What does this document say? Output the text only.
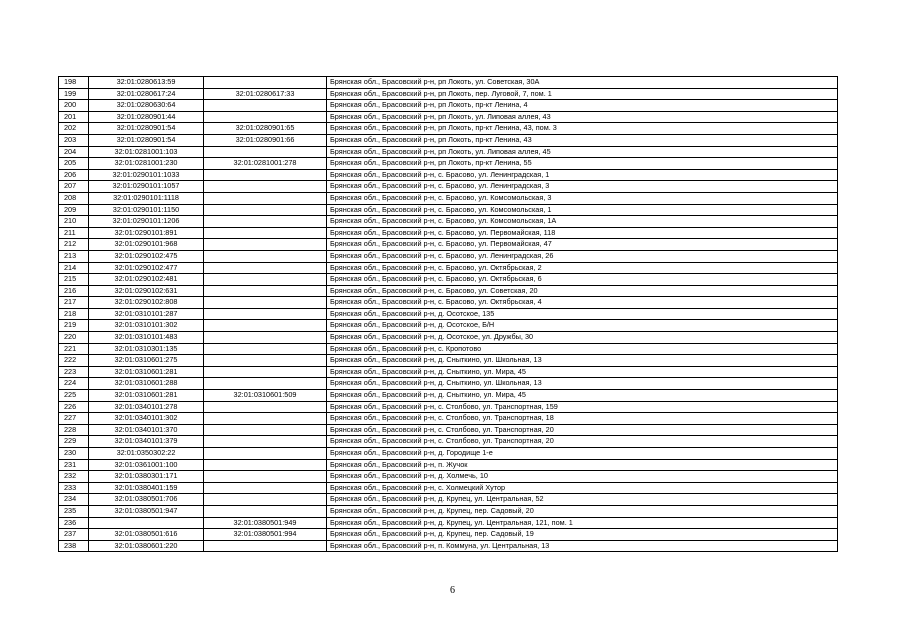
198	32:01:0280613:59		Брянская обл., Брасовский р-н, рп Локоть, ул. Советская, 30А
199	32:01:0280617:24	32:01:0280617:33	Брянская обл., Брасовский р-н, рп Локоть, пер. Луговой, 7, пом. 1
200	32:01:0280630:64		Брянская обл., Брасовский р-н, рп Локоть, пр-кт Ленина, 4
201	32:01:0280901:44		Брянская обл., Брасовский р-н, рп Локоть, ул. Липовая аллея, 43
202	32:01:0280901:54	32:01:0280901:65	Брянская обл., Брасовский р-н, рп Локоть, пр-кт Ленина, 43, пом. 3
203	32:01:0280901:54	32:01:0280901:66	Брянская обл., Брасовский р-н, рп Локоть, пр-кт Ленина, 43
204	32:01:0281001:103		Брянская обл., Брасовский р-н, рп Локоть, ул. Липовая аллея, 45
205	32:01:0281001:230	32:01:0281001:278	Брянская обл., Брасовский р-н, рп Локоть, пр-кт Ленина, 55
206	32:01:0290101:1033		Брянская обл., Брасовский р-н, с. Брасово, ул. Ленинградская, 1
207	32:01:0290101:1057		Брянская обл., Брасовский р-н, с. Брасово, ул. Ленинградская, 3
208	32:01:0290101:1118		Брянская обл., Брасовский р-н, с. Брасово, ул. Комсомольская, 3
209	32:01:0290101:1150		Брянская обл., Брасовский р-н, с. Брасово, ул. Комсомольская, 1
210	32:01:0290101:1206		Брянская обл., Брасовский р-н, с. Брасово, ул. Комсомольская, 1А
211	32:01:0290101:891		Брянская обл., Брасовский р-н, с. Брасово, ул. Первомайская, 118
212	32:01:0290101:968		Брянская обл., Брасовский р-н, с. Брасово, ул. Первомайская, 47
213	32:01:0290102:475		Брянская обл., Брасовский р-н, с. Брасово, ул. Ленинградская, 26
214	32:01:0290102:477		Брянская обл., Брасовский р-н, с. Брасово, ул. Октябрьская, 2
215	32:01:0290102:481		Брянская обл., Брасовский р-н, с. Брасово, ул. Октябрьская, 6
216	32:01:0290102:631		Брянская обл., Брасовский р-н, с. Брасово, ул. Советская, 20
217	32:01:0290102:808		Брянская обл., Брасовский р-н, с. Брасово, ул. Октябрьская, 4
218	32:01:0310101:287		Брянская обл., Брасовский р-н, д. Осотское, 135
219	32:01:0310101:302		Брянская обл., Брасовский р-н, д. Осотское, Б/Н
220	32:01:0310101:483		Брянская обл., Брасовский р-н, д. Осотское, ул. Дружбы, 30
221	32:01:0310301:135		Брянская обл., Брасовский р-н, с. Кропотово
222	32:01:0310601:275		Брянская обл., Брасовский р-н, д. Сныткино, ул. Школьная, 13
223	32:01:0310601:281		Брянская обл., Брасовский р-н, д. Сныткино, ул. Мира, 45
224	32:01:0310601:288		Брянская обл., Брасовский р-н, д. Сныткино, ул. Школьная, 13
225	32:01:0310601:281	32:01:0310601:509	Брянская обл., Брасовский р-н, д. Сныткино, ул. Мира, 45
226	32:01:0340101:278		Брянская обл., Брасовский р-н, с. Столбово, ул. Транспортная, 159
227	32:01:0340101:302		Брянская обл., Брасовский р-н, с. Столбово, ул. Транспортная, 18
228	32:01:0340101:370		Брянская обл., Брасовский р-н, с. Столбово, ул. Транспортная, 20
229	32:01:0340101:379		Брянская обл., Брасовский р-н, с. Столбово, ул. Транспортная, 20
230	32:01:0350302:22		Брянская обл., Брасовский р-н, д. Городище 1-е
231	32:01:0361001:100		Брянская обл., Брасовский р-н, п. Жучок
232	32:01:0380301:171		Брянская обл., Брасовский р-н, д. Холмечь, 10
233	32:01:0380401:159		Брянская обл., Брасовский р-н, с. Холмецкий Хутор
234	32:01:0380501:706		Брянская обл., Брасовский р-н, д. Крупец, ул. Центральная, 52
235	32:01:0380501:947		Брянская обл., Брасовский р-н, д. Крупец, пер. Садовый, 20
236		32:01:0380501:949	Брянская обл., Брасовский р-н, д. Крупец, ул. Центральная, 121, пом. 1
237	32:01:0380501:616	32:01:0380501:994	Брянская обл., Брасовский р-н, д. Крупец, пер. Садовый, 19
238	32:01:0380601:220		Брянская обл., Брасовский р-н, п. Коммуна, ул. Центральная, 13
6
